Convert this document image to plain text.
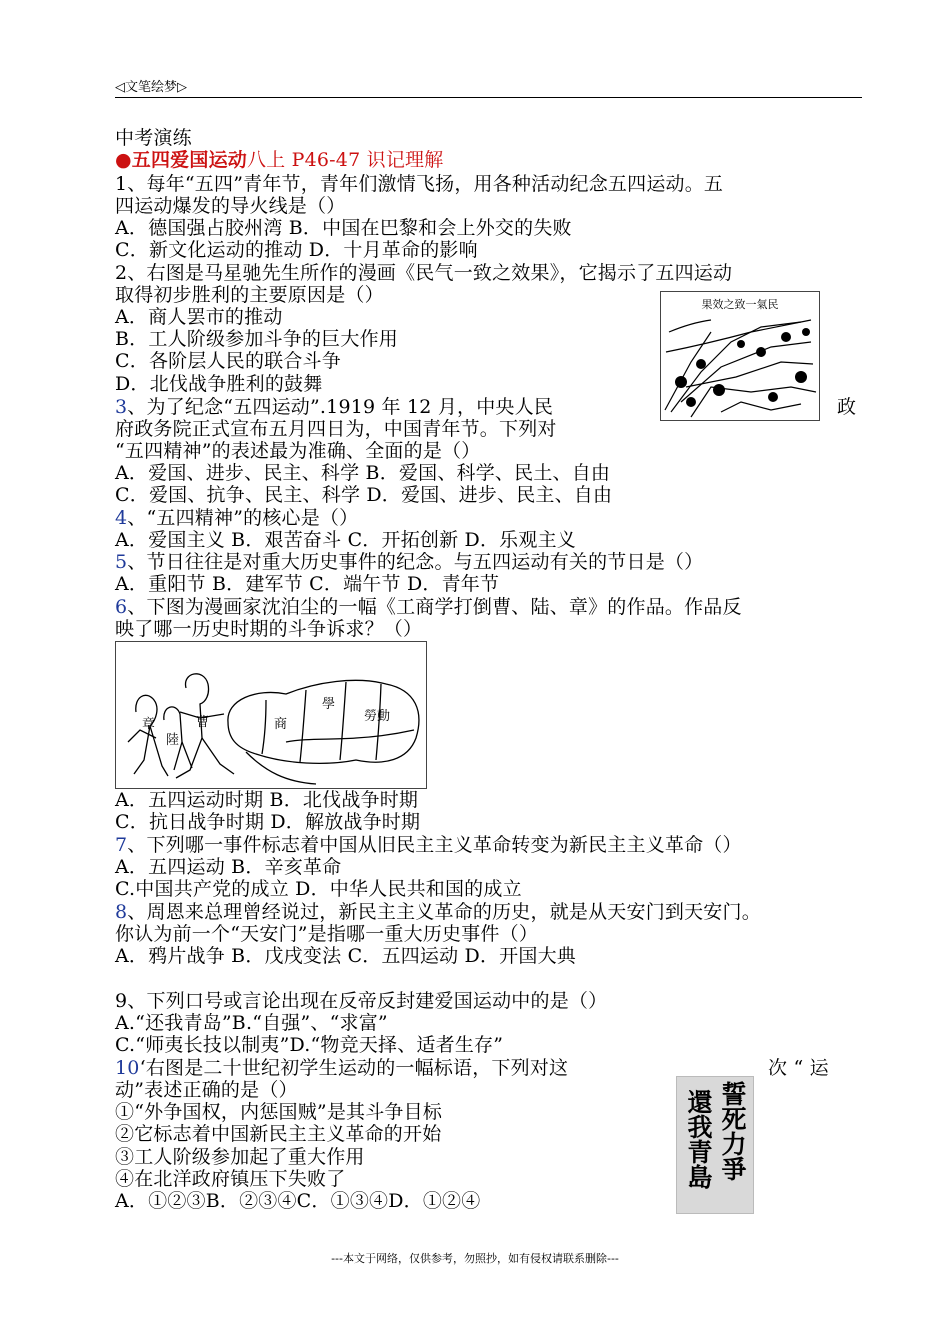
◁文笔绘梦▷
中考演练
●五四爱国运动八上 P46-47 识记理解
1、每年“五四”青年节，青年们激情飞扬，用各种活动纪念五四运动。五
四运动爆发的导火线是（）
A．德国强占胶州湾 B．中国在巴黎和会上外交的失败
C．新文化运动的推动 D．十月革命的影响
2、右图是马星驰先生所作的漫画《民气一致之效果》，它揭示了五四运动
取得初步胜利的主要原因是（）
A．商人罢市的推动
B．工人阶级参加斗争的巨大作用
C．各阶层人民的联合斗争
D．北伐战争胜利的鼓舞
果效之致一氣民
3、为了纪念“五四运动”.1919 年 12 月，中央人民	政
府政务院正式宣布五月四日为，中国青年节。下列对
“五四精神”的表述最为准确、全面的是（）
A．爱国、进步、民主、科学 B．爱国、科学、民土、自由
C．爱国、抗争、民主、科学 D．爱国、进步、民主、自由
4、“五四精神”的核心是（）
A．爱国主义 B．艰苦奋斗 C．开拓创新 D．乐观主义
5、节日往往是对重大历史事件的纪念。与五四运动有关的节日是（）
A．重阳节 B．建军节 C．端午节 D．青年节
6、下图为漫画家沈泊尘的一幅《工商学打倒曹、陆、章》的作品。作品反
映了哪一历史时期的斗争诉求？（）
章
陸
曹	商
學
勞動
A．五四运动时期 B．北伐战争时期
C．抗日战争时期 D．解放战争时期
7、下列哪一事件标志着中国从旧民主主义革命转变为新民主主义革命（）
A．五四运动 B．辛亥革命
C.中国共产党的成立 D．中华人民共和国的成立
8、周恩来总理曾经说过，新民主主义革命的历史，就是从天安门到天安门。
你认为前一个“天安门”是指哪一重大历史事件（）
A．鸦片战争 B．戊戌变法 C．五四运动 D．开国大典
9、下列口号或言论出现在反帝反封建爱国运动中的是（）
A.“还我青岛”B.“自强”、“求富”
C.“师夷长技以制夷”D.“物竞天择、适者生存”
10‘右图是二十世纪初学生运动的一幅标语，下列对这	次 “ 运
动”表述正确的是（）
①“外争国权，内惩国贼”是其斗争目标
②它标志着中国新民主主义革命的开始
③工人阶级参加起了重大作用
④在北洋政府镇压下失败了
A．①②③B．②③④C．①③④D．①②④
誓死力爭
還我青島
---本文于网络，仅供参考，勿照抄，如有侵权请联系删除---
